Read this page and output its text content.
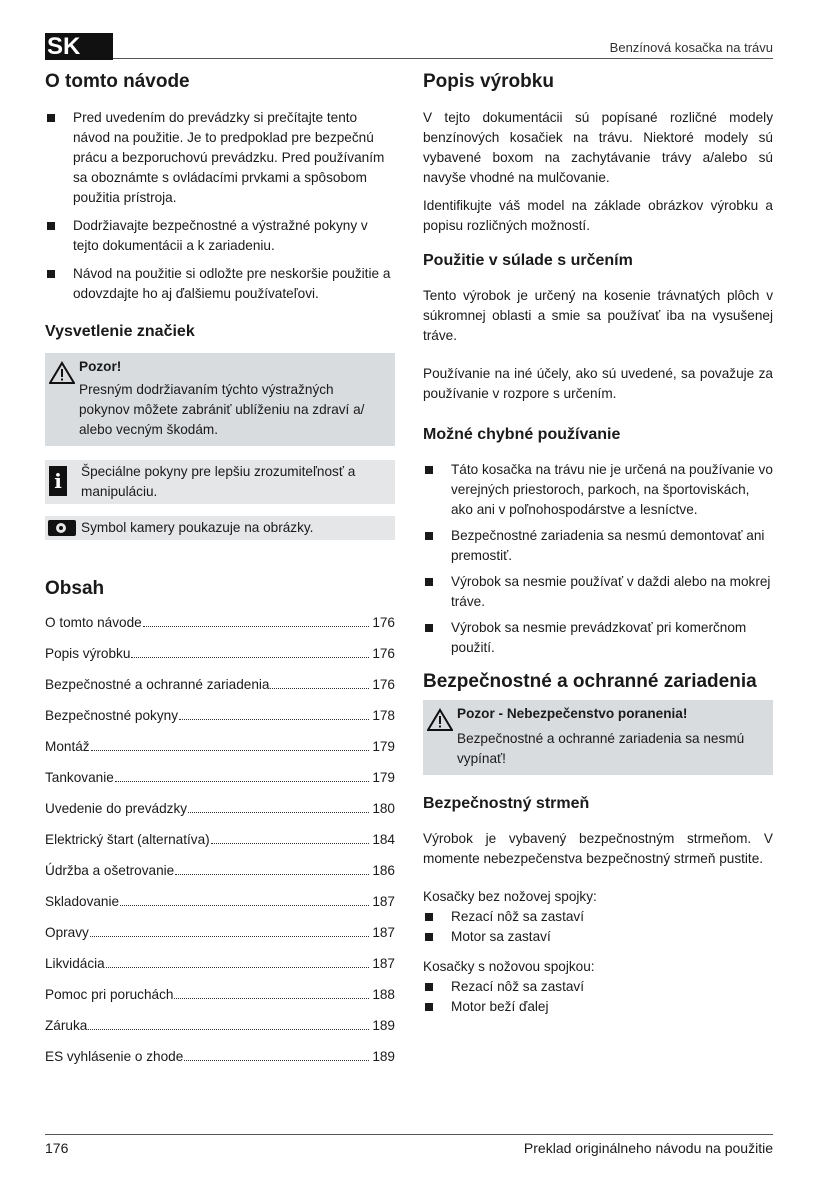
SK	Benzínová kosačka na trávu
O tomto návode
Pred uvedením do prevádzky si prečítajte tento návod na použitie. Je to predpoklad pre bezpečnú prácu a bezporuchovú prevádzku. Pred používaním sa oboznámte s ovládacími prvkami a spôsobom použitia prístroja.
Dodržiavajte bezpečnostné a výstražné pokyny v tejto dokumentácii a k zariadeniu.
Návod na použitie si odložte pre neskoršie použitie a odovzdajte ho aj ďalšiemu používateľovi.
Vysvetlenie značiek
Pozor!
Presným dodržiavaním týchto výstražných pokynov môžete zabrániť ublíženiu na zdraví a/ alebo vecným škodám.
i	Špeciálne pokyny pre lepšiu zrozumiteľnosť a manipuláciu.
Symbol kamery poukazuje na obrázky.
Obsah
O tomto návode	176
Popis výrobku	176
Bezpečnostné a ochranné zariadenia	176
Bezpečnostné pokyny	178
Montáž	179
Tankovanie	179
Uvedenie do prevádzky	180
Elektrický štart (alternatíva)	184
Údržba a ošetrovanie	186
Skladovanie	187
Opravy	187
Likvidácia	187
Pomoc pri poruchách	188
Záruka	189
ES vyhlásenie o zhode	189
Popis výrobku

V tejto dokumentácii sú popísané rozličné modely benzínových kosačiek na trávu. Niektoré modely sú vybavené boxom na zachytávanie trávy a/alebo sú navyše vhodné na mulčovanie.

Identifikujte váš model na základe obrázkov výrobku a popisu rozličných možností.

Použitie v súlade s určením

Tento výrobok je určený na kosenie trávnatých plôch v súkromnej oblasti a smie sa používať iba na vysušenej tráve.

Používanie na iné účely, ako sú uvedené, sa považuje za používanie v rozpore s určením.

Možné chybné používanie
Táto kosačka na trávu nie je určená na používanie vo verejných priestoroch, parkoch, na športoviskách, ako ani v poľnohospodárstve a lesníctve.
Bezpečnostné zariadenia sa nesmú demontovať ani premostiť.
Výrobok sa nesmie používať v daždi alebo na mokrej tráve.
Výrobok sa nesmie prevádzkovať pri komerčnom použití.
Bezpečnostné a ochranné zariadenia
Pozor - Nebezpečenstvo poranenia!
Bezpečnostné a ochranné zariadenia sa nesmú vypínať!
Bezpečnostný strmeň

Výrobok je vybavený bezpečnostným strmeňom. V momente nebezpečenstva bezpečnostný strmeň pustite.

Kosačky bez nožovej spojky:

Rezací nôž sa zastaví
Motor sa zastaví

Kosačky s nožovou spojkou:

Rezací nôž sa zastaví
Motor beží ďalej
176	Preklad originálneho návodu na použitie
